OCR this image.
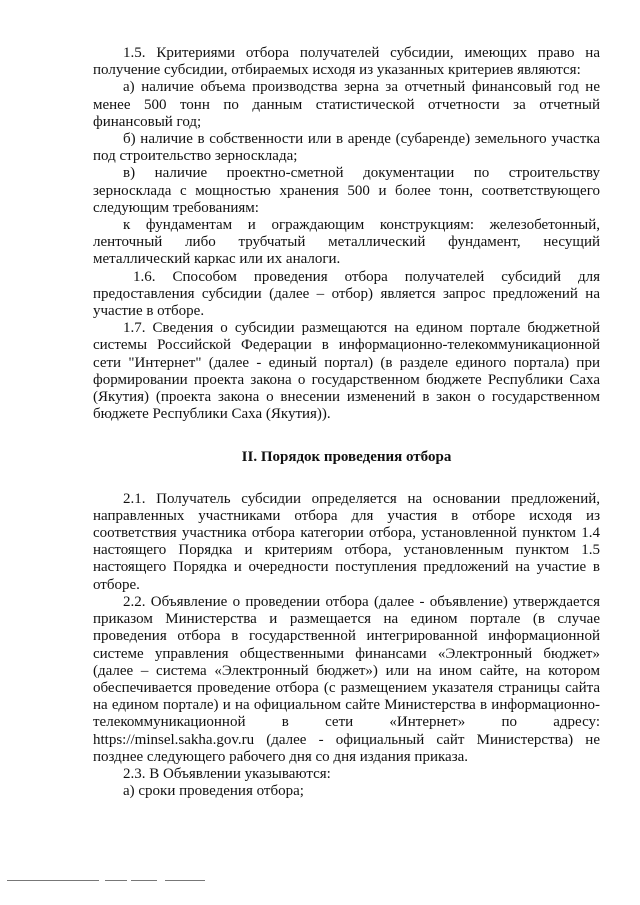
1.5. Критериями отбора получателей субсидии, имеющих право на получение субсидии, отбираемых исходя из указанных критериев являются:

а) наличие объема производства зерна за отчетный финансовый год не менее 500 тонн по данным статистической отчетности за отчетный финансовый год;

б) наличие в собственности или в аренде (субаренде) земельного участка под строительство зерносклада;

в) наличие проектно-сметной документации по строительству зерносклада с мощностью хранения 500 и более тонн, соответствующего следующим требованиям:

к фундаментам и ограждающим конструкциям: железобетонный, ленточный либо трубчатый металлический фундамент, несущий металлический каркас или их аналоги.

1.6. Способом проведения отбора получателей субсидий для предоставления субсидии (далее – отбор) является запрос предложений на участие в отборе.

1.7. Сведения о субсидии размещаются на едином портале бюджетной системы Российской Федерации в информационно-телекоммуникационной сети "Интернет" (далее - единый портал) (в разделе единого портала) при формировании проекта закона о государственном бюджете Республики Саха (Якутия) (проекта закона о внесении изменений в закон о государственном бюджете Республики Саха (Якутия)).

II. Порядок проведения отбора

2.1. Получатель субсидии определяется на основании предложений, направленных участниками отбора для участия в отборе исходя из соответствия участника отбора категории отбора, установленной пунктом 1.4 настоящего Порядка и критериям отбора, установленным пунктом 1.5 настоящего Порядка и очередности поступления предложений на участие в отборе.

2.2. Объявление о проведении отбора (далее - объявление) утверждается приказом Министерства и размещается на едином портале (в случае проведения отбора в государственной интегрированной информационной системе управления общественными финансами «Электронный бюджет» (далее – система «Электронный бюджет») или на ином сайте, на котором обеспечивается проведение отбора (с размещением указателя страницы сайта на едином портале) и на официальном сайте Министерства в информационно-телекоммуникационной в сети «Интернет» по адресу: https://minsel.sakha.gov.ru (далее - официальный сайт Министерства) не позднее следующего рабочего дня со дня издания приказа.

2.3. В Объявлении указываются:

а) сроки проведения отбора;
